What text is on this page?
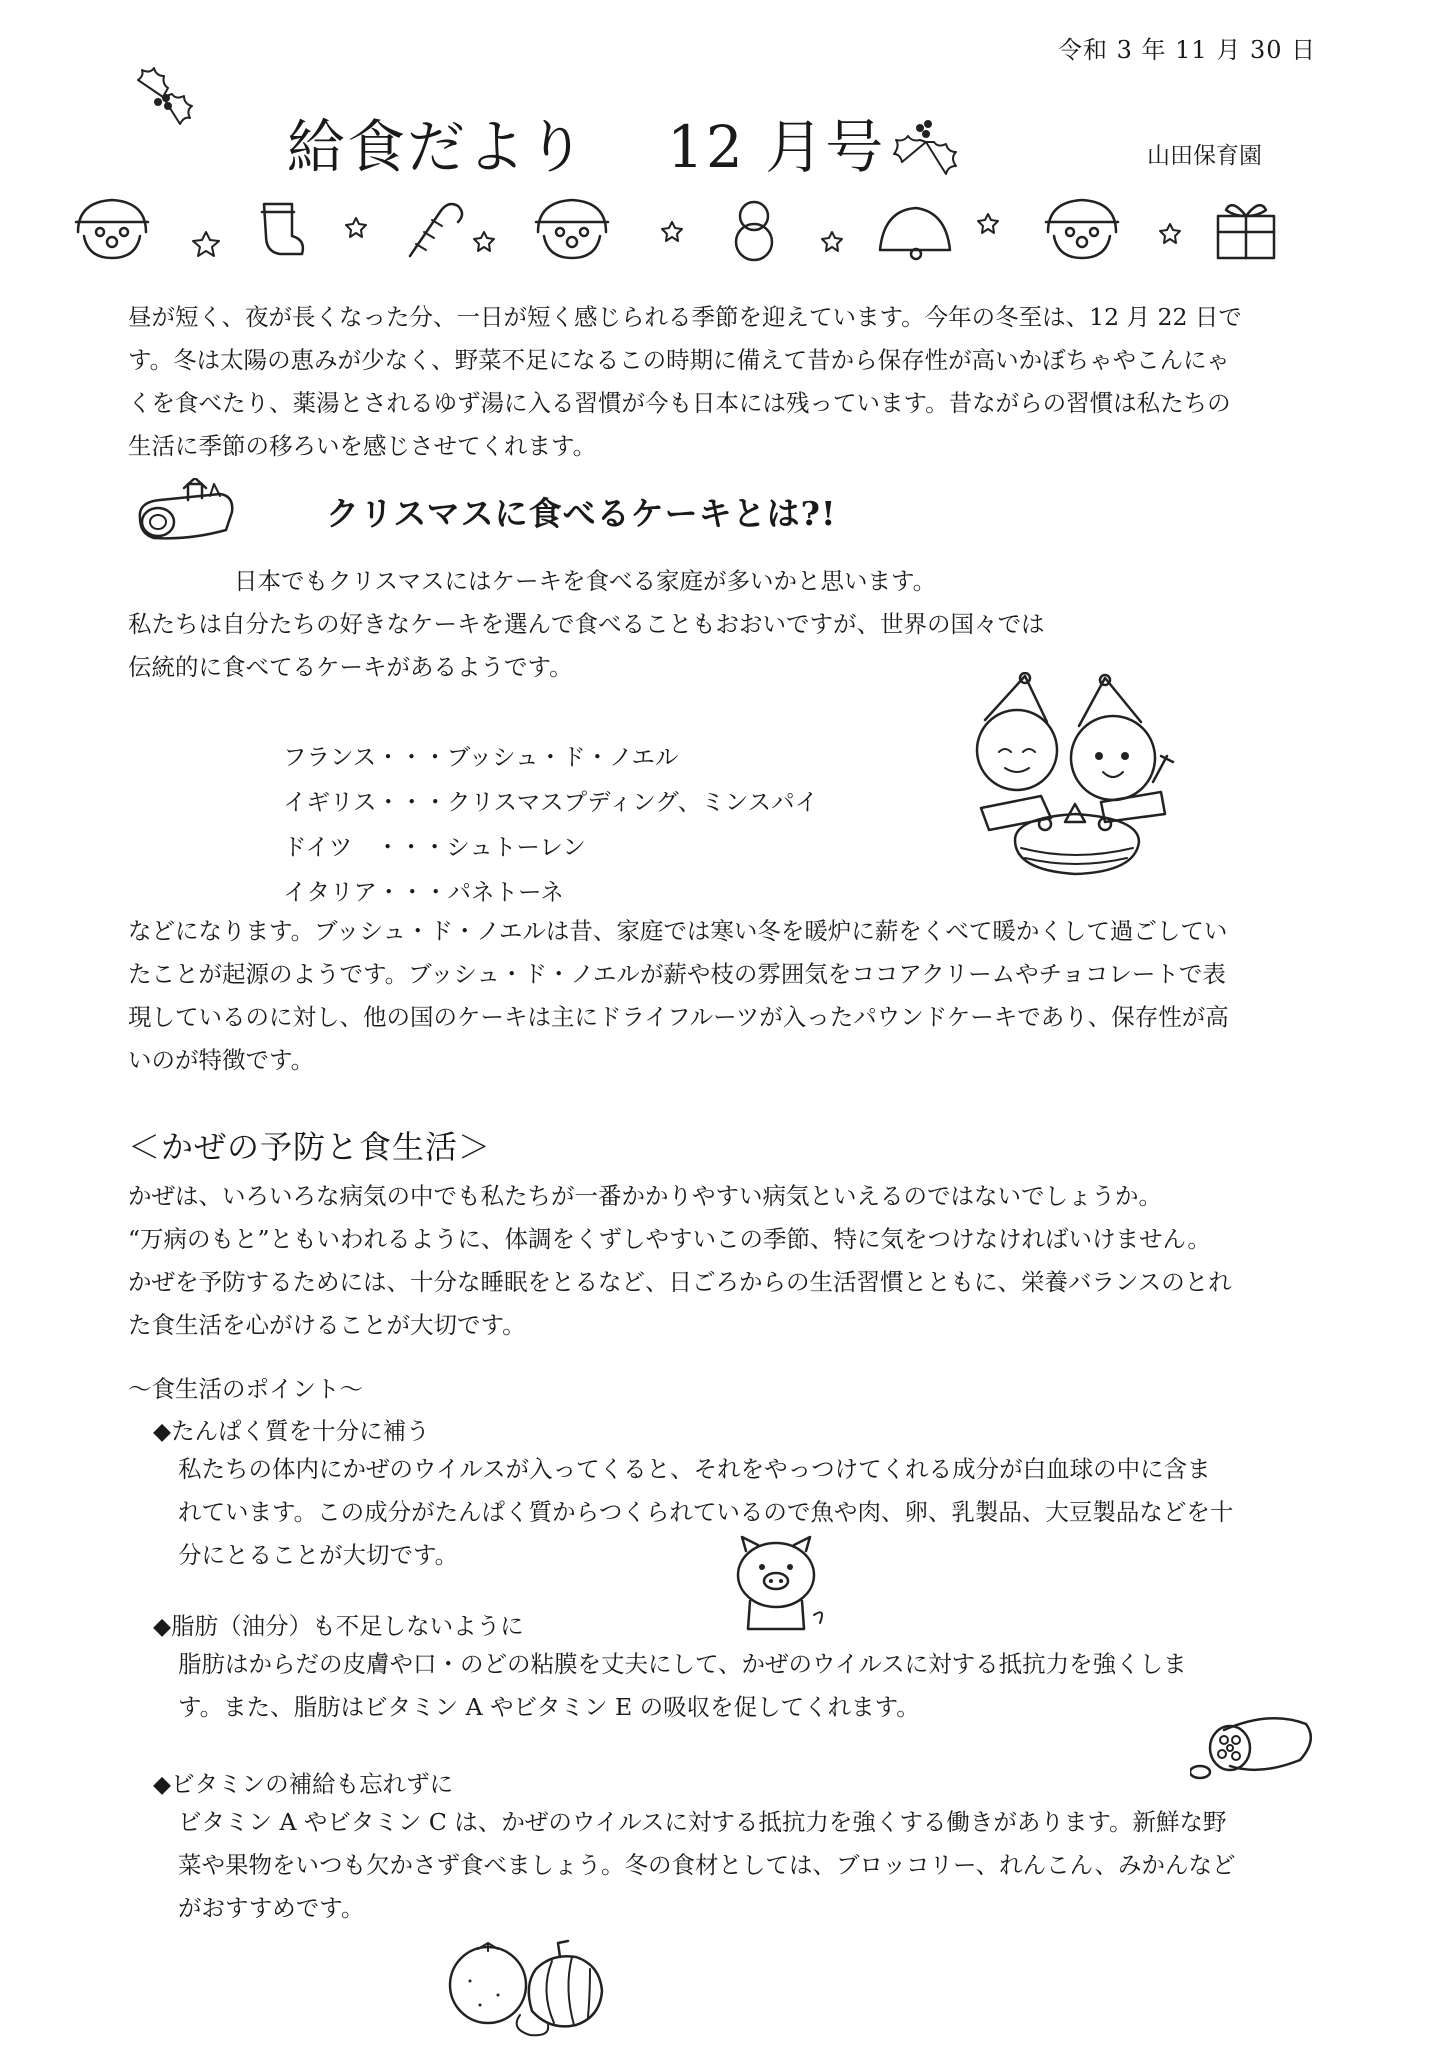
令和 3 年 11 月 30 日
給食だより 12 月号	山田保育園
昼が短く、夜が長くなった分、一日が短く感じられる季節を迎えています。今年の冬至は、12 月 22 日で
す。冬は太陽の恵みが少なく、野菜不足になるこの時期に備えて昔から保存性が高いかぼちゃやこんにゃ
くを食べたり、薬湯とされるゆず湯に入る習慣が今も日本には残っています。昔ながらの習慣は私たちの
生活に季節の移ろいを感じさせてくれます。
クリスマスに食べるケーキとは?!
日本でもクリスマスにはケーキを食べる家庭が多いかと思います。
私たちは自分たちの好きなケーキを選んで食べることもおおいですが、世界の国々では
伝統的に食べてるケーキがあるようです。
フランス・・・ブッシュ・ド・ノエル
イギリス・・・クリスマスプディング、ミンスパイ
ドイツ　・・・シュトーレン
イタリア・・・パネトーネ
などになります。ブッシュ・ド・ノエルは昔、家庭では寒い冬を暖炉に薪をくべて暖かくして過ごしてい
たことが起源のようです。ブッシュ・ド・ノエルが薪や枝の雰囲気をココアクリームやチョコレートで表
現しているのに対し、他の国のケーキは主にドライフルーツが入ったパウンドケーキであり、保存性が高
いのが特徴です。
＜かぜの予防と食生活＞
かぜは、いろいろな病気の中でも私たちが一番かかりやすい病気といえるのではないでしょうか。
“万病のもと”ともいわれるように、体調をくずしやすいこの季節、特に気をつけなければいけません。
かぜを予防するためには、十分な睡眠をとるなど、日ごろからの生活習慣とともに、栄養バランスのとれ
た食生活を心がけることが大切です。
～食生活のポイント～
◆たんぱく質を十分に補う
私たちの体内にかぜのウイルスが入ってくると、それをやっつけてくれる成分が白血球の中に含ま
れています。この成分がたんぱく質からつくられているので魚や肉、卵、乳製品、大豆製品などを十
分にとることが大切です。
◆脂肪（油分）も不足しないように
脂肪はからだの皮膚や口・のどの粘膜を丈夫にして、かぜのウイルスに対する抵抗力を強くしま
す。また、脂肪はビタミン A やビタミン E の吸収を促してくれます。
◆ビタミンの補給も忘れずに
ビタミン A やビタミン C は、かぜのウイルスに対する抵抗力を強くする働きがあります。新鮮な野
菜や果物をいつも欠かさず食べましょう。冬の食材としては、ブロッコリー、れんこん、みかんなど
がおすすめです。
